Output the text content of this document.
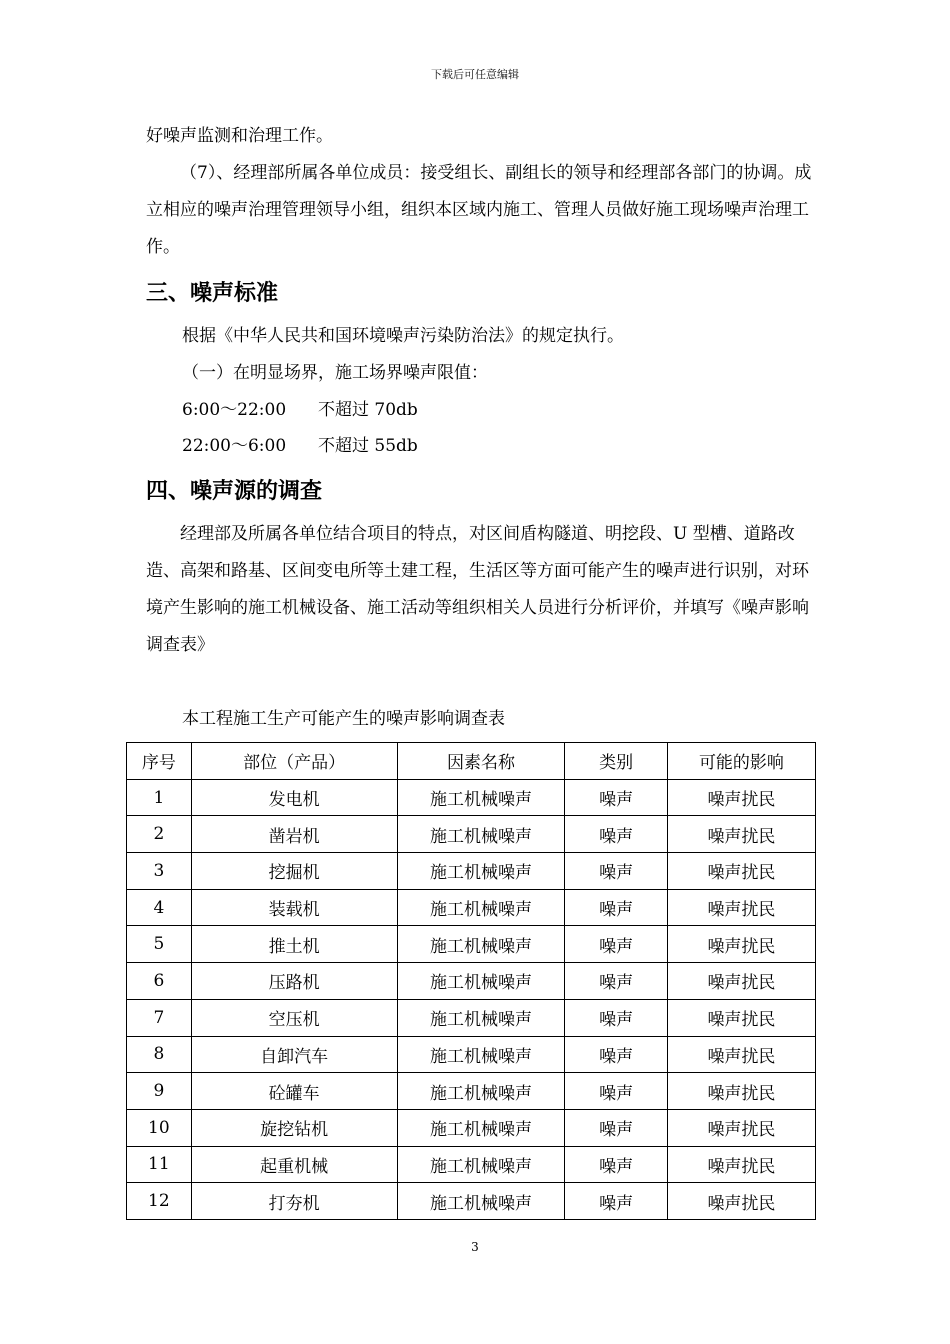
下载后可任意编辑

好噪声监测和治理工作。

（7）、经理部所属各单位成员：接受组长、副组长的领导和经理部各部门的协调。成立相应的噪声治理管理领导小组，组织本区域内施工、管理人员做好施工现场噪声治理工作。

三、噪声标准

根据《中华人民共和国环境噪声污染防治法》的规定执行。

（一）在明显场界，施工场界噪声限值：

6:00～22:00 不超过 70db
22:00～6:00 不超过 55db
四、噪声源的调查

经理部及所属各单位结合项目的特点，对区间盾构隧道、明挖段、U 型槽、道路改造、高架和路基、区间变电所等土建工程，生活区等方面可能产生的噪声进行识别，对环境产生影响的施工机械设备、施工活动等组织相关人员进行分析评价，并填写《噪声影响调查表》

本工程施工生产可能产生的噪声影响调查表
序号	部位（产品）	因素名称	类别	可能的影响
1	发电机	施工机械噪声	噪声	噪声扰民
2	凿岩机	施工机械噪声	噪声	噪声扰民
3	挖掘机	施工机械噪声	噪声	噪声扰民
4	装载机	施工机械噪声	噪声	噪声扰民
5	推土机	施工机械噪声	噪声	噪声扰民
6	压路机	施工机械噪声	噪声	噪声扰民
7	空压机	施工机械噪声	噪声	噪声扰民
8	自卸汽车	施工机械噪声	噪声	噪声扰民
9	砼罐车	施工机械噪声	噪声	噪声扰民
10	旋挖钻机	施工机械噪声	噪声	噪声扰民
11	起重机械	施工机械噪声	噪声	噪声扰民
12	打夯机	施工机械噪声	噪声	噪声扰民
3
